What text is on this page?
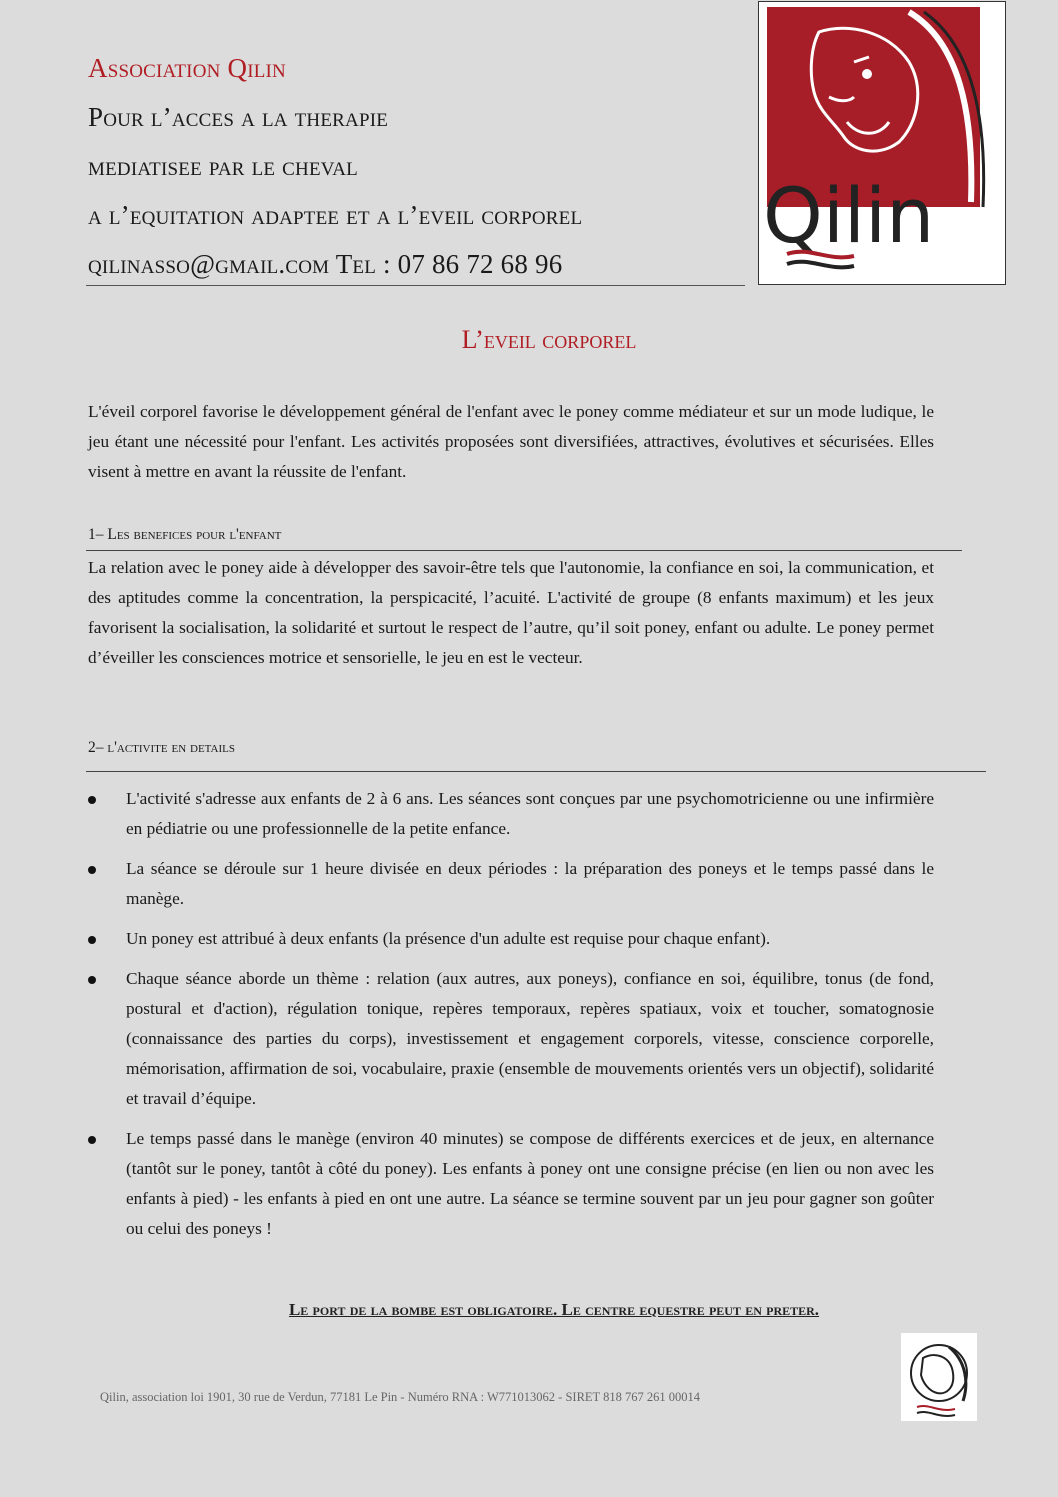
Association Qilin
Pour l’acces a la therapie
mediatisee par le cheval
a l’equitation adaptee et a l’eveil corporel
qilinasso@gmail.com Tel : 07 86 72 68 96
Qilin
L’eveil corporel
L'éveil corporel favorise le développement général de l'enfant avec le poney comme médiateur et sur un mode ludique, le jeu étant une nécessité pour l'enfant. Les activités proposées sont diversifiées, attractives, évolutives et sécurisées. Elles visent à mettre en avant la réussite de l'enfant.
1– Les benefices pour l'enfant
La relation avec le poney aide à développer des savoir-être tels que l'autonomie, la confiance en soi, la communication, et des aptitudes comme la concentration, la perspicacité, l’acuité. L'activité de groupe (8 enfants maximum) et les jeux favorisent la socialisation, la solidarité et surtout le respect de l’autre, qu’il soit poney, enfant ou adulte. Le poney permet d’éveiller les consciences motrice et sensorielle, le jeu en est le vecteur.
2– l'activite en details
L'activité s'adresse aux enfants de 2 à 6 ans. Les séances sont conçues par une psychomotricienne ou une infirmière en pédiatrie ou une professionnelle de la petite enfance.
La séance se déroule sur 1 heure divisée en deux périodes : la préparation des poneys et le temps passé dans le manège.
Un poney est attribué à deux enfants (la présence d'un adulte est requise pour chaque enfant).
Chaque séance aborde un thème : relation (aux autres, aux poneys), confiance en soi, équilibre, tonus (de fond, postural et d'action), régulation tonique, repères temporaux, repères spatiaux, voix et toucher, somatognosie (connaissance des parties du corps), investissement et engagement corporels, vitesse, conscience corporelle, mémorisation, affirmation de soi, vocabulaire, praxie (ensemble de mouvements orientés vers un objectif), solidarité et travail d’équipe.
Le temps passé dans le manège (environ 40 minutes) se compose de différents exercices et de jeux, en alternance (tantôt sur le poney, tantôt à côté du poney). Les enfants à poney ont une consigne précise (en lien ou non avec les enfants à pied) - les enfants à pied en ont une autre. La séance se termine souvent par un jeu pour gagner son goûter ou celui des poneys !
Le port de la bombe est obligatoire. Le centre equestre peut en preter.
Qilin, association loi 1901, 30 rue de Verdun, 77181 Le Pin - Numéro RNA : W771013062 - SIRET 818 767 261 00014
